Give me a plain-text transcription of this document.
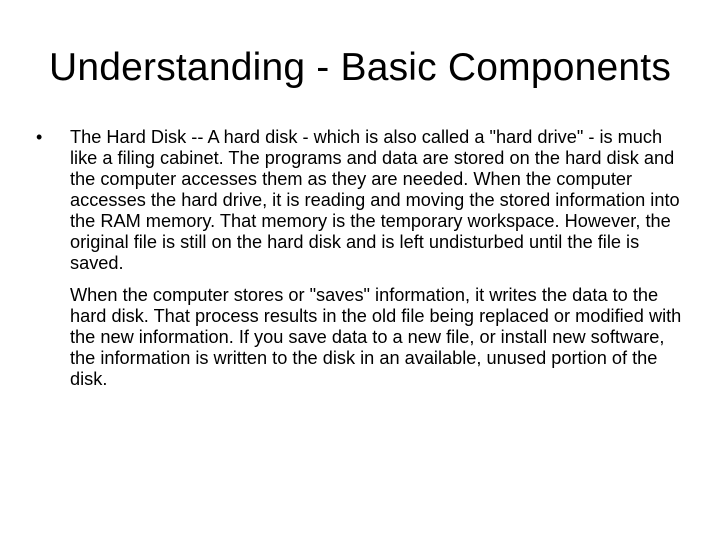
Understanding - Basic Components
• The Hard Disk -- A hard disk - which is also called a "hard drive" - is much like a filing cabinet. The programs and data are stored on the hard disk and the computer accesses them as they are needed. When the computer accesses the hard drive, it is reading and moving the stored information into the RAM memory. That memory is the temporary workspace. However, the original file is still on the hard disk and is left undisturbed until the file is saved.

When the computer stores or "saves" information, it writes the data to the hard disk. That process results in the old file being replaced or modified with the new information. If you save data to a new file, or install new software, the information is written to the disk in an available, unused portion of the disk.
